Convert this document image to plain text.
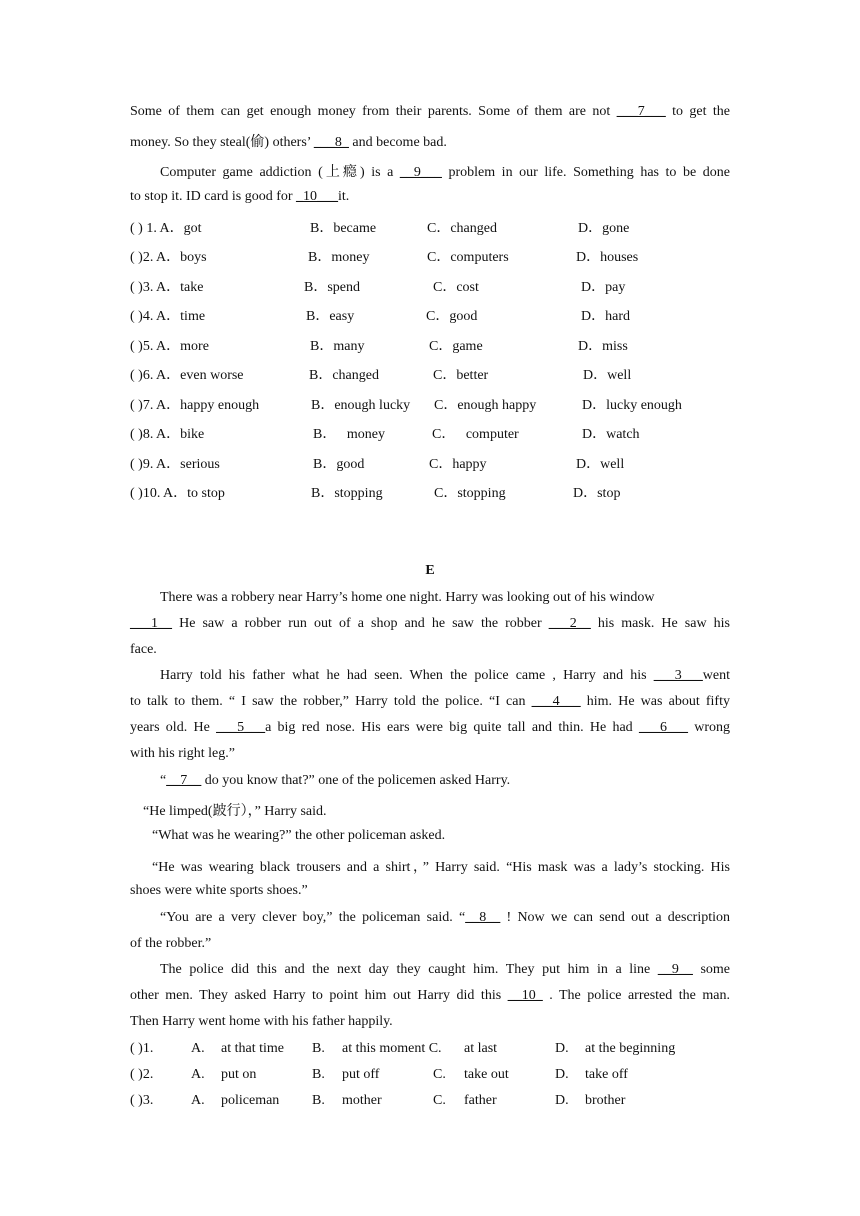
Some of them can get enough money from their parents. Some of them are not ___7___ to get the
money. So they steal(偷) others’ ___8_ and become bad.
Computer game addiction (上瘾) is a __9___ problem in our life. Something has to be done
to stop it. ID card is good for _10___it.
( ) 1. A．got	B．became	C．changed	D．gone
( )2. A．boys	B．money	C．computers	D．houses
( )3. A．take	B．spend	C．cost	D．pay
( )4. A．time	B．easy	C．good	D．hard
( )5. A．more	B．many	C．game	D．miss
( )6. A．even worse	B．changed	C．better	D．well
( )7. A．happy enough	B．enough lucky C．enough happy	D．lucky enough
( )8. A．bike	B．   money	C．   computer	D．watch
( )9. A．serious	B．good	C．happy	D．well
( )10. A．to stop	B．stopping	C．stopping	D．stop
E
There was a robbery near Harry’s home one night. Harry was looking out of his window
___1__ He saw a robber run out of a shop and he saw the robber ___2__ his mask. He saw his
face.
Harry told his father what he had seen. When the police came , Harry and his ___3___went
to talk to them. “ I saw the robber,” Harry told the police. “I can ___4___ him. He was about fifty
years old. He ___5___a big red nose. His ears were big quite tall and thin. He had ___6___ wrong
with his right leg.”
“__7__ do you know that?” one of the policemen asked Harry.
“He limped(跛行），” Harry said.
“What was he wearing?” the other policeman asked.
“He was wearing black trousers and a shirt，” Harry said. “His mask was a lady’s stocking. His
shoes were white sports shoes.”
“You are a very clever boy,” the policeman said. “__8__ ! Now we can send out a description
of the robber.”
The police did this and the next day they caught him. They put him in a line __9__ some
other men. They asked Harry to point him out Harry did this __10_ . The police arrested the man.
Then Harry went home with his father happily.
( )1.	A. at that time B. at this moment C. at last	D. at the beginning
( )2.	A. put on	B. put off	C. take out	D. take off
( )3.	A. policeman B. mother	C. father	D. brother
